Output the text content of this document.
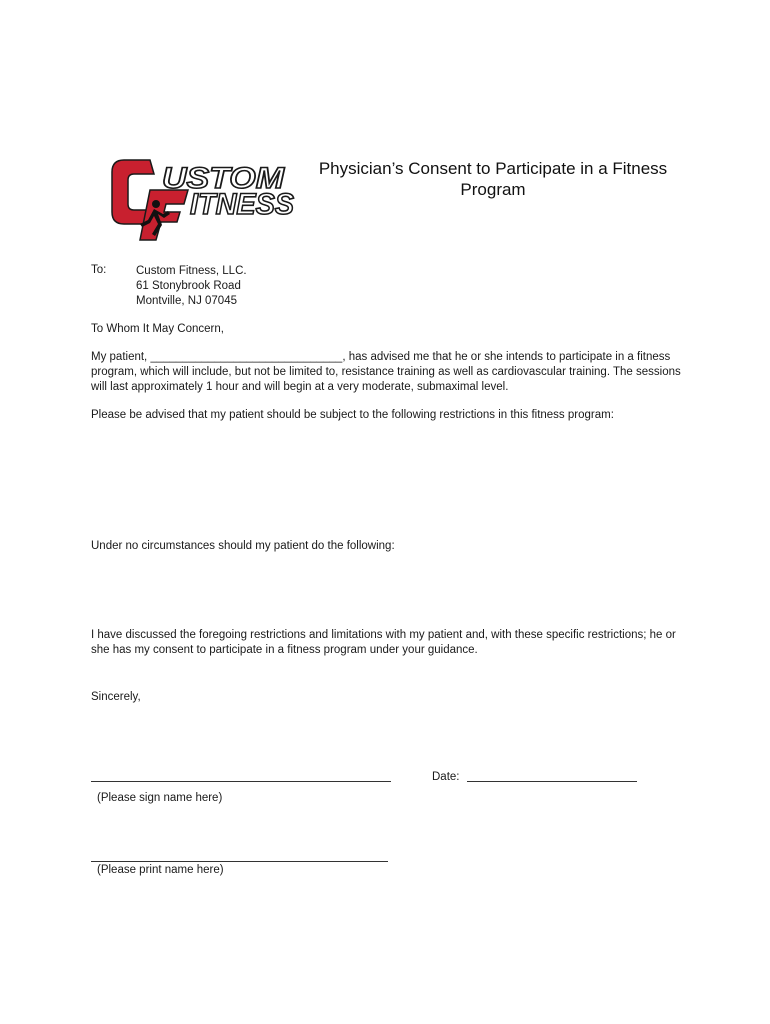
USTOM
ITNESS
Physician’s Consent to Participate in a Fitness
Program
To:	Custom Fitness, LLC.
61 Stonybrook Road
Montville, NJ 07045
To Whom It May Concern,
My patient, ______________________________, has advised me that he or she intends to participate in a fitness program, which will include, but not be limited to, resistance training as well as cardiovascular training. The sessions will last approximately 1 hour and will begin at a very moderate, submaximal level.
Please be advised that my patient should be subject to the following restrictions in this fitness program:
Under no circumstances should my patient do the following:
I have discussed the foregoing restrictions and limitations with my patient and, with these specific restrictions; he or she has my consent to participate in a fitness program under your guidance.
Sincerely,
(Please sign name here)
Date:
(Please print name here)
